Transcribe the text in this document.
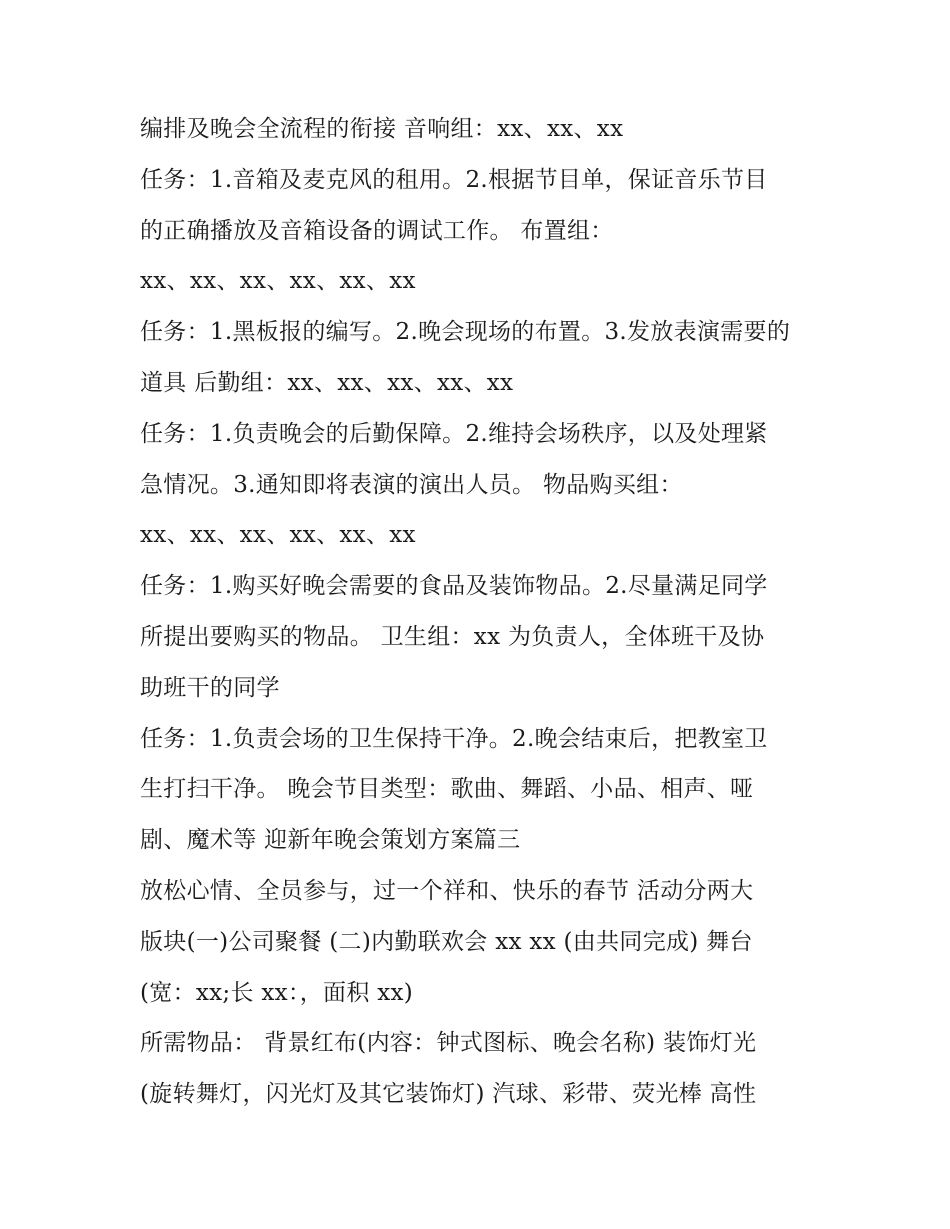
编排及晚会全流程的衔接 音响组：xx、xx、xx
任务：1.音箱及麦克风的租用。2.根据节目单，保证音乐节目
的正确播放及音箱设备的调试工作。 布置组：
xx、xx、xx、xx、xx、xx
任务：1.黑板报的编写。2.晚会现场的布置。3.发放表演需要的
道具 后勤组：xx、xx、xx、xx、xx
任务：1.负责晚会的后勤保障。2.维持会场秩序，以及处理紧
急情况。3.通知即将表演的演出人员。 物品购买组：
xx、xx、xx、xx、xx、xx
任务：1.购买好晚会需要的食品及装饰物品。2.尽量满足同学
所提出要购买的物品。 卫生组：xx 为负责人，全体班干及协
助班干的同学
任务：1.负责会场的卫生保持干净。2.晚会结束后，把教室卫
生打扫干净。 晚会节目类型：歌曲、舞蹈、小品、相声、哑
剧、魔术等 迎新年晚会策划方案篇三
放松心情、全员参与，过一个祥和、快乐的春节 活动分两大
版块(一)公司聚餐 (二)内勤联欢会 xx xx (由共同完成) 舞台
(宽：xx;长 xx：，面积 xx)
所需物品： 背景红布(内容：钟式图标、晚会名称) 装饰灯光
(旋转舞灯，闪光灯及其它装饰灯) 汽球、彩带、荧光棒 高性
